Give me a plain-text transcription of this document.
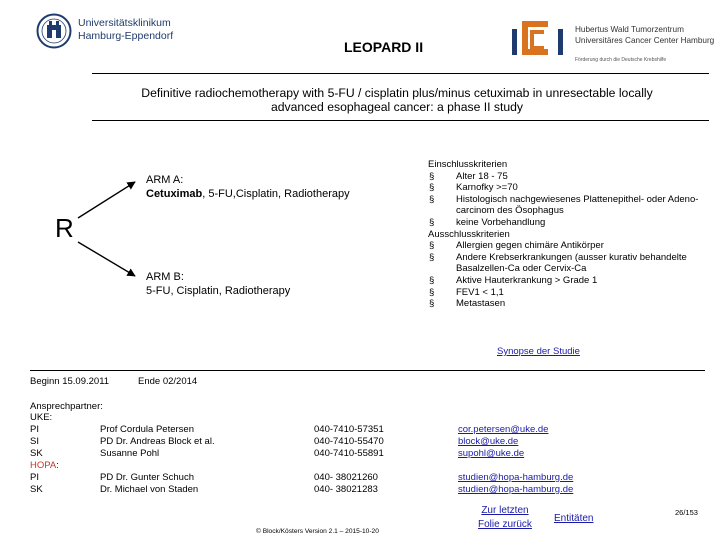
Universitätsklinikum Hamburg-Eppendorf
LEOPARD II
Hubertus Wald Tumorzentrum Universitäres Cancer Center Hamburg
Förderung durch die Deutsche Krebshilfe
Definitive radiochemotherapy with 5-FU / cisplatin plus/minus cetuximab in unresectable locally
advanced esophageal cancer: a phase II study
R
ARM A:
Cetuximab, 5-FU,Cisplatin, Radiotherapy
ARM B:
5-FU, Cisplatin, Radiotherapy
Einschlusskriterien
§	Alter 18 - 75
§	Karnofky >=70
§	Histologisch nachgewiesenes Plattenepithel- oder Adeno-carcinom des Ösophagus
§	keine Vorbehandlung
Ausschlusskriterien
§	Allergien gegen chimäre Antikörper
§	Andere Krebserkrankungen (ausser kurativ behandelte Basalzellen-Ca oder Cervix-Ca
§	Aktive Hauterkrankung > Grade 1
§	FEV1 < 1,1
§	Metastasen
Synopse der Studie
Beginn 15.09.2011	Ende 02/2014
Ansprechpartner:
UKE:
PI	Prof Cordula Petersen	040-7410-57351	cor.petersen@uke.de
SI	PD Dr. Andreas Block et al.	040-7410-55470	block@uke.de
SK	Susanne Pohl	040-7410-55891	supohl@uke.de
HOPA:
PI	PD Dr. Gunter Schuch	040- 38021260	studien@hopa-hamburg.de
SK	Dr. Michael von Staden	040- 38021283	studien@hopa-hamburg.de
Zur letzten
Folie zurück
Entitäten
26/153
© Block/Kösters Version 2.1 – 2015-10-20
